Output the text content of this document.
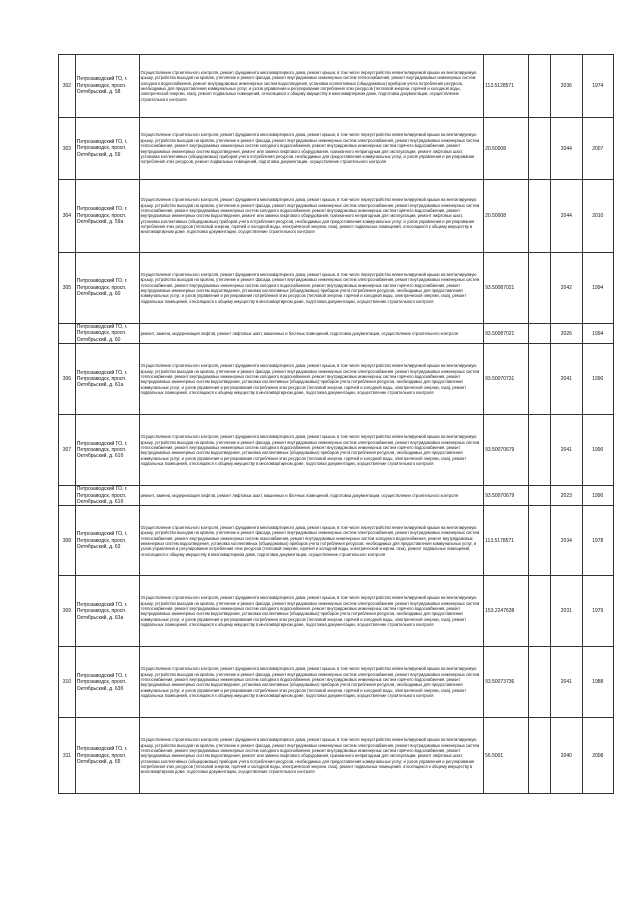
302	Петрозаводский ГО, г. Петрозаводск, просп. Октябрьский, д. 58	Осуществление строительного контроля, ремонт фундамента многоквартирного дома, ремонт крыши, в том числе переустройство невентилируемой крыши на вентилируемую крышу, устройство выходов на кровлю, утепление и ремонт фасада, ремонт внутридомовых инженерных систем теплоснабжения, ремонт внутридомовых инженерных систем холодного водоснабжения, ремонт внутридомовых инженерных систем водоотведения, установка коллективных (общедомовых) приборов учета потребления ресурсов, необходимых для предоставления коммунальных услуг, и узлов управления и регулирования потребления этих ресурсов (тепловой энергии, горячей и холодной воды, электрической энергии, газа), ремонт подвальных помещений, относящихся к общему имуществу в многоквартирном доме, подготовка документации, осуществление строительного контроля	113.5128571		2036	1974
303	Петрозаводский ГО, г. Петрозаводск, просп. Октябрьский, д. 59	Осуществление строительного контроля, ремонт фундамента многоквартирного дома, ремонт крыши, в том числе переустройство невентилируемой крыши на вентилируемую крышу, устройство выходов на кровлю, утепление и ремонт фасада, ремонт внутридомовых инженерных систем электроснабжения, ремонт внутридомовых инженерных систем теплоснабжения, ремонт внутридомовых инженерных систем холодного водоснабжения, ремонт внутридомовых инженерных систем горячего водоснабжения, ремонт внутридомовых инженерных систем водоотведения, ремонт или замена лифтового оборудования, признанного непригодным для эксплуатации, ремонт лифтовых шахт, установка коллективных (общедомовых) приборов учета потребления ресурсов, необходимых для предоставления коммунальных услуг, и узлов управления и регулирования потребления этих ресурсов, ремонт подвальных помещений, подготовка документации, осуществление строительного контроля	20.50008		2044	2007
304	Петрозаводский ГО, г. Петрозаводск, просп. Октябрьский, д. 59а	Осуществление строительного контроля, ремонт фундамента многоквартирного дома, ремонт крыши, в том числе переустройство невентилируемой крыши на вентилируемую крышу, устройство выходов на кровлю, утепление и ремонт фасада, ремонт внутридомовых инженерных систем электроснабжения, ремонт внутридомовых инженерных систем теплоснабжения, ремонт внутридомовых инженерных систем холодного водоснабжения, ремонт внутридомовых инженерных систем горячего водоснабжения, ремонт внутридомовых инженерных систем водоотведения, ремонт или замена лифтового оборудования, признанного непригодным для эксплуатации, ремонт лифтовых шахт, установка коллективных (общедомовых) приборов учета потребления ресурсов, необходимых для предоставления коммунальных услуг, и узлов управления и регулирования потребления этих ресурсов (тепловой энергии, горячей и холодной воды, электрической энергии, газа), ремонт подвальных помещений, относящихся к общему имуществу в многоквартирном доме, подготовка документации, осуществление строительного контроля	20.50008		2044	2010
305	Петрозаводский ГО, г. Петрозаводск, просп. Октябрьский, д. 60	Осуществление строительного контроля, ремонт фундамента многоквартирного дома, ремонт крыши, в том числе переустройство невентилируемой крыши на вентилируемую крышу, устройство выходов на кровлю, утепление и ремонт фасада, ремонт внутридомовых инженерных систем электроснабжения, ремонт внутридомовых инженерных систем теплоснабжения, ремонт внутридомовых инженерных систем холодного водоснабжения, ремонт внутридомовых инженерных систем горячего водоснабжения, ремонт внутридомовых инженерных систем водоотведения, установка коллективных (общедомовых) приборов учета потребления ресурсов, необходимых для предоставления коммунальных услуг, и узлов управления и регулирования потребления этих ресурсов (тепловой энергии, горячей и холодной воды, электрической энергии, газа), ремонт подвальных помещений, относящихся к общему имуществу в многоквартирном доме, подготовка документации, осуществление строительного контроля	93.50087021		2042	1994
	Петрозаводский ГО, г. Петрозаводск, просп. Октябрьский, д. 60	ремонт, замена, модернизация лифтов, ремонт лифтовых шахт, машинных и блочных помещений, подготовка документации, осуществление строительного контроля	93.50087021		2026	1994
306	Петрозаводский ГО, г. Петрозаводск, просп. Октябрьский, д. 61а	Осуществление строительного контроля, ремонт фундамента многоквартирного дома, ремонт крыши, в том числе переустройство невентилируемой крыши на вентилируемую крышу, устройство выходов на кровлю, утепление и ремонт фасада, ремонт внутридомовых инженерных систем электроснабжения, ремонт внутридомовых инженерных систем теплоснабжения, ремонт внутридомовых инженерных систем холодного водоснабжения, ремонт внутридомовых инженерных систем горячего водоснабжения, ремонт внутридомовых инженерных систем водоотведения, установка коллективных (общедомовых) приборов учета потребления ресурсов, необходимых для предоставления коммунальных услуг, и узлов управления и регулирования потребления этих ресурсов (тепловой энергии, горячей и холодной воды, электрической энергии, газа), ремонт подвальных помещений, относящихся к общему имуществу в многоквартирном доме, подготовка документации, осуществление строительного контроля	93.50070731		2041	1990
307	Петрозаводский ГО, г. Петрозаводск, просп. Октябрьский, д. 61б	Осуществление строительного контроля, ремонт фундамента многоквартирного дома, ремонт крыши, в том числе переустройство невентилируемой крыши на вентилируемую крышу, устройство выходов на кровлю, утепление и ремонт фасада, ремонт внутридомовых инженерных систем электроснабжения, ремонт внутридомовых инженерных систем теплоснабжения, ремонт внутридомовых инженерных систем холодного водоснабжения, ремонт внутридомовых инженерных систем горячего водоснабжения, ремонт внутридомовых инженерных систем водоотведения, установка коллективных (общедомовых) приборов учета потребления ресурсов, необходимых для предоставления коммунальных услуг, и узлов управления и регулирования потребления этих ресурсов (тепловой энергии, горячей и холодной воды, электрической энергии, газа), ремонт подвальных помещений, относящихся к общему имуществу в многоквартирном доме, подготовка документации, осуществление строительного контроля	93.50070679		2041	1990
	Петрозаводский ГО, г. Петрозаводск, просп. Октябрьский, д. 61б	ремонт, замена, модернизация лифтов, ремонт лифтовых шахт, машинных и блочных помещений, подготовка документации, осуществление строительного контроля	93.50070679		2023	1990
308	Петрозаводский ГО, г. Петрозаводск, просп. Октябрьский, д. 63	Осуществление строительного контроля, ремонт фундамента многоквартирного дома, ремонт крыши, в том числе переустройство невентилируемой крыши на вентилируемую крышу, устройство выходов на кровлю, утепление и ремонт фасада, ремонт внутридомовых инженерных систем электроснабжения, ремонт внутридомовых инженерных систем теплоснабжения, ремонт внутридомовых инженерных систем газоснабжения, ремонт внутридомовых инженерных систем холодного водоснабжения, ремонт внутридомовых инженерных систем водоотведения, установка коллективных (общедомовых) приборов учета потребления ресурсов, необходимых для предоставления коммунальных услуг, и узлов управления и регулирования потребления этих ресурсов (тепловой энергии, горячей и холодной воды, электрической энергии, газа), ремонт подвальных помещений, относящихся к общему имуществу в многоквартирном доме, подготовка документации, осуществление строительного контроля	113.5178571		2034	1978
309	Петрозаводский ГО, г. Петрозаводск, просп. Октябрьский, д. 63а	Осуществление строительного контроля, ремонт фундамента многоквартирного дома, ремонт крыши, в том числе переустройство невентилируемой крыши на вентилируемую крышу, устройство выходов на кровлю, утепление и ремонт фасада, ремонт внутридомовых инженерных систем электроснабжения, ремонт внутридомовых инженерных систем теплоснабжения, ремонт внутридомовых инженерных систем холодного водоснабжения, ремонт внутридомовых инженерных систем горячего водоснабжения, ремонт внутридомовых инженерных систем водоотведения, установка коллективных (общедомовых) приборов учета потребления ресурсов, необходимых для предоставления коммунальных услуг, и узлов управления и регулирования потребления этих ресурсов (тепловой энергии, горячей и холодной воды, электрической энергии, газа), ремонт подвальных помещений, относящихся к общему имуществу в многоквартирном доме, подготовка документации, осуществление строительного контроля	153.2247638		2031	1979
310	Петрозаводский ГО, г. Петрозаводск, просп. Октябрьский, д. 63б	Осуществление строительного контроля, ремонт фундамента многоквартирного дома, ремонт крыши, в том числе переустройство невентилируемой крыши на вентилируемую крышу, устройство выходов на кровлю, утепление и ремонт фасада, ремонт внутридомовых инженерных систем электроснабжения, ремонт внутридомовых инженерных систем теплоснабжения, ремонт внутридомовых инженерных систем холодного водоснабжения, ремонт внутридомовых инженерных систем горячего водоснабжения, ремонт внутридомовых инженерных систем водоотведения, установка коллективных (общедомовых) приборов учета потребления ресурсов, необходимых для предоставления коммунальных услуг, и узлов управления и регулирования потребления этих ресурсов (тепловой энергии, горячей и холодной воды, электрической энергии, газа), ремонт подвальных помещений, относящихся к общему имуществу в многоквартирном доме, подготовка документации, осуществление строительного контроля	93.50073736		2041	1988
311	Петрозаводский ГО, г. Петрозаводск, просп. Октябрьский, д. 65	Осуществление строительного контроля, ремонт фундамента многоквартирного дома, ремонт крыши, в том числе переустройство невентилируемой крыши на вентилируемую крышу, устройство выходов на кровлю, утепление и ремонт фасада, ремонт внутридомовых инженерных систем электроснабжения, ремонт внутридомовых инженерных систем теплоснабжения, ремонт внутридомовых инженерных систем холодного водоснабжения, ремонт внутридомовых инженерных систем горячего водоснабжения, ремонт внутридомовых инженерных систем водоотведения, ремонт или замена лифтового оборудования, признанного непригодным для эксплуатации, ремонт лифтовых шахт, установка коллективных (общедомовых) приборов учета потребления ресурсов, необходимых для предоставления коммунальных услуг, и узлов управления и регулирования потребления этих ресурсов (тепловой энергии, горячей и холодной воды, электрической энергии, газа), ремонт подвальных помещений, относящихся к общему имуществу в многоквартирном доме, подготовка документации, осуществление строительного контроля	56.5001		2040	2008
